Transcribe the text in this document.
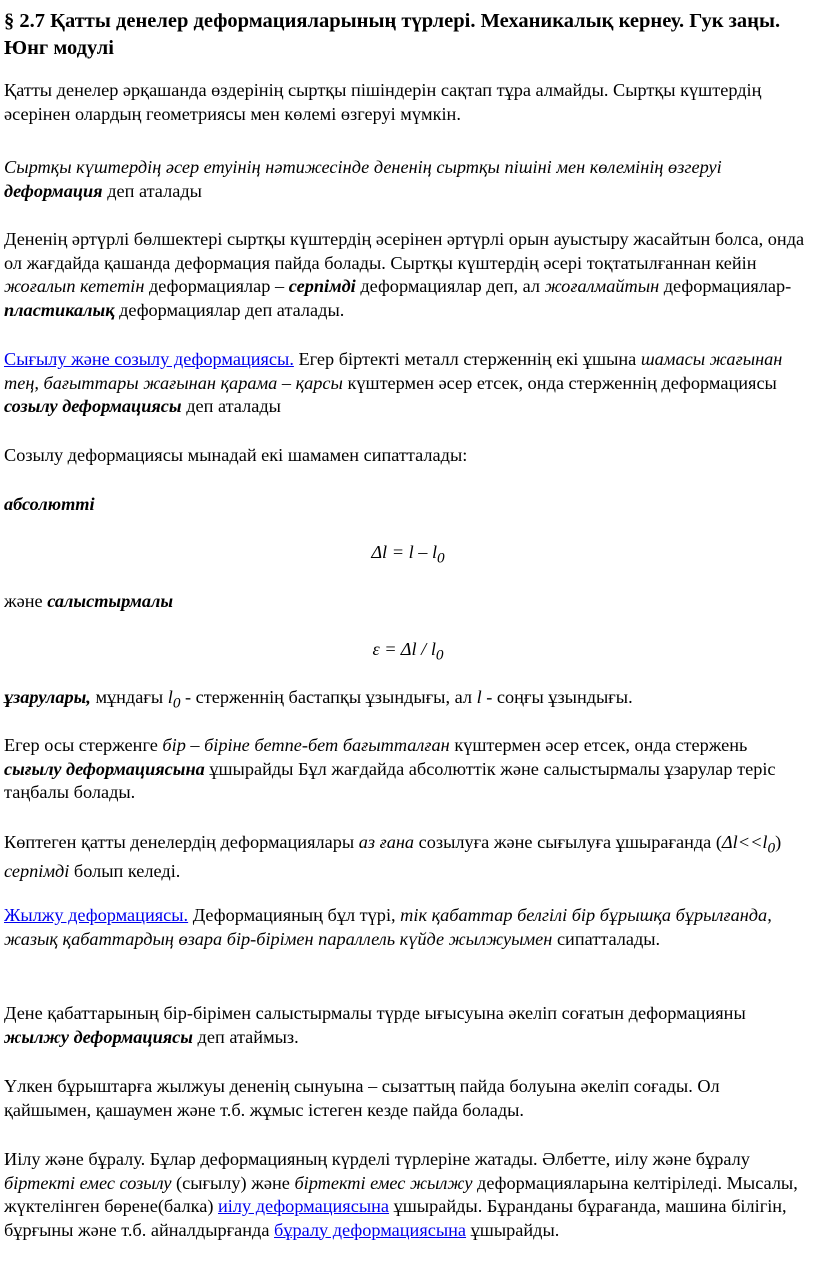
§ 2.7 Қатты денелер деформацияларының түрлері. Механикалық кернеу. Гук заңы. Юнг модулі

Қатты денелер әрқашанда өздерінің сыртқы пішіндерін сақтап тұра алмайды. Сыртқы күштердің әсерінен олардың геометриясы мен көлемі өзгеруі мүмкін.

Сыртқы күштердің әсер етуінің нәтижесінде дененің сыртқы пішіні мен көлемінің өзгеруі деформация деп аталады

Дененің әртүрлі бөлшектері сыртқы күштердің әсерінен әртүрлі орын ауыстыру жасайтын болса, онда ол жағдайда қашанда деформация пайда болады. Сыртқы күштердің әсері тоқтатылғаннан кейін жоғалып кететін деформациялар – серпімді деформациялар деп, ал жоғалмайтын деформациялар- пластикалық деформациялар деп аталады.

Сығылу және созылу деформациясы. Егер біртекті металл стерженнің екі ұшына шамасы жағынан тең, бағыттары жағынан қарама – қарсы күштермен әсер етсек, онда стерженнің деформациясы созылу деформациясы деп аталады

Созылу деформациясы мынадай екі шамамен сипатталады:

абсолютті

$\Delta l = l - l_0$

және салыстырмалы

$\varepsilon = \Delta l / l_0$

ұзарулары, мұндағы $l_0$ - стерженнің бастапқы ұзындығы, ал l - соңғы ұзындығы.

Егер осы стерженге бір – біріне бетпе-бет бағытталған күштермен әсер етсек, онда стержень сығылу деформациясына ұшырайды Бұл жағдайда абсолюттік және салыстырмалы ұзарулар теріс таңбалы болады.

Көптеген қатты денелердің деформациялары аз ғана созылуға және сығылуға ұшырағанда $(\Delta l<<l_0)$ серпімді болып келеді.

Жылжу деформациясы. Деформацияның бұл түрі, тік қабаттар белгілі бір бұрышқа бұрылғанда, жазық қабаттардың өзара бір-бірімен параллель күйде жылжуымен сипатталады.

Дене қабаттарының бір-бірімен салыстырмалы түрде ығысуына әкеліп соғатын деформацияны жылжу деформациясы деп атаймыз.

Үлкен бұрыштарға жылжуы дененің сынуына – сызаттың пайда болуына әкеліп соғады. Ол қайшымен, қашаумен және т.б. жұмыс істеген кезде пайда болады.

Иілу және бұралу. Бұлар деформацияның күрделі түрлеріне жатады. Әлбетте, иілу және бұралу біртекті емес созылу (сығылу) және біртекті емес жылжу деформацияларына келтіріледі. Мысалы, жүктелінген бөрене(балка) иілу деформациясына ұшырайды. Бұранданы бұрағанда, машина білігін, бұрғыны және т.б. айналдырғанда бұралу деформациясына ұшырайды.
